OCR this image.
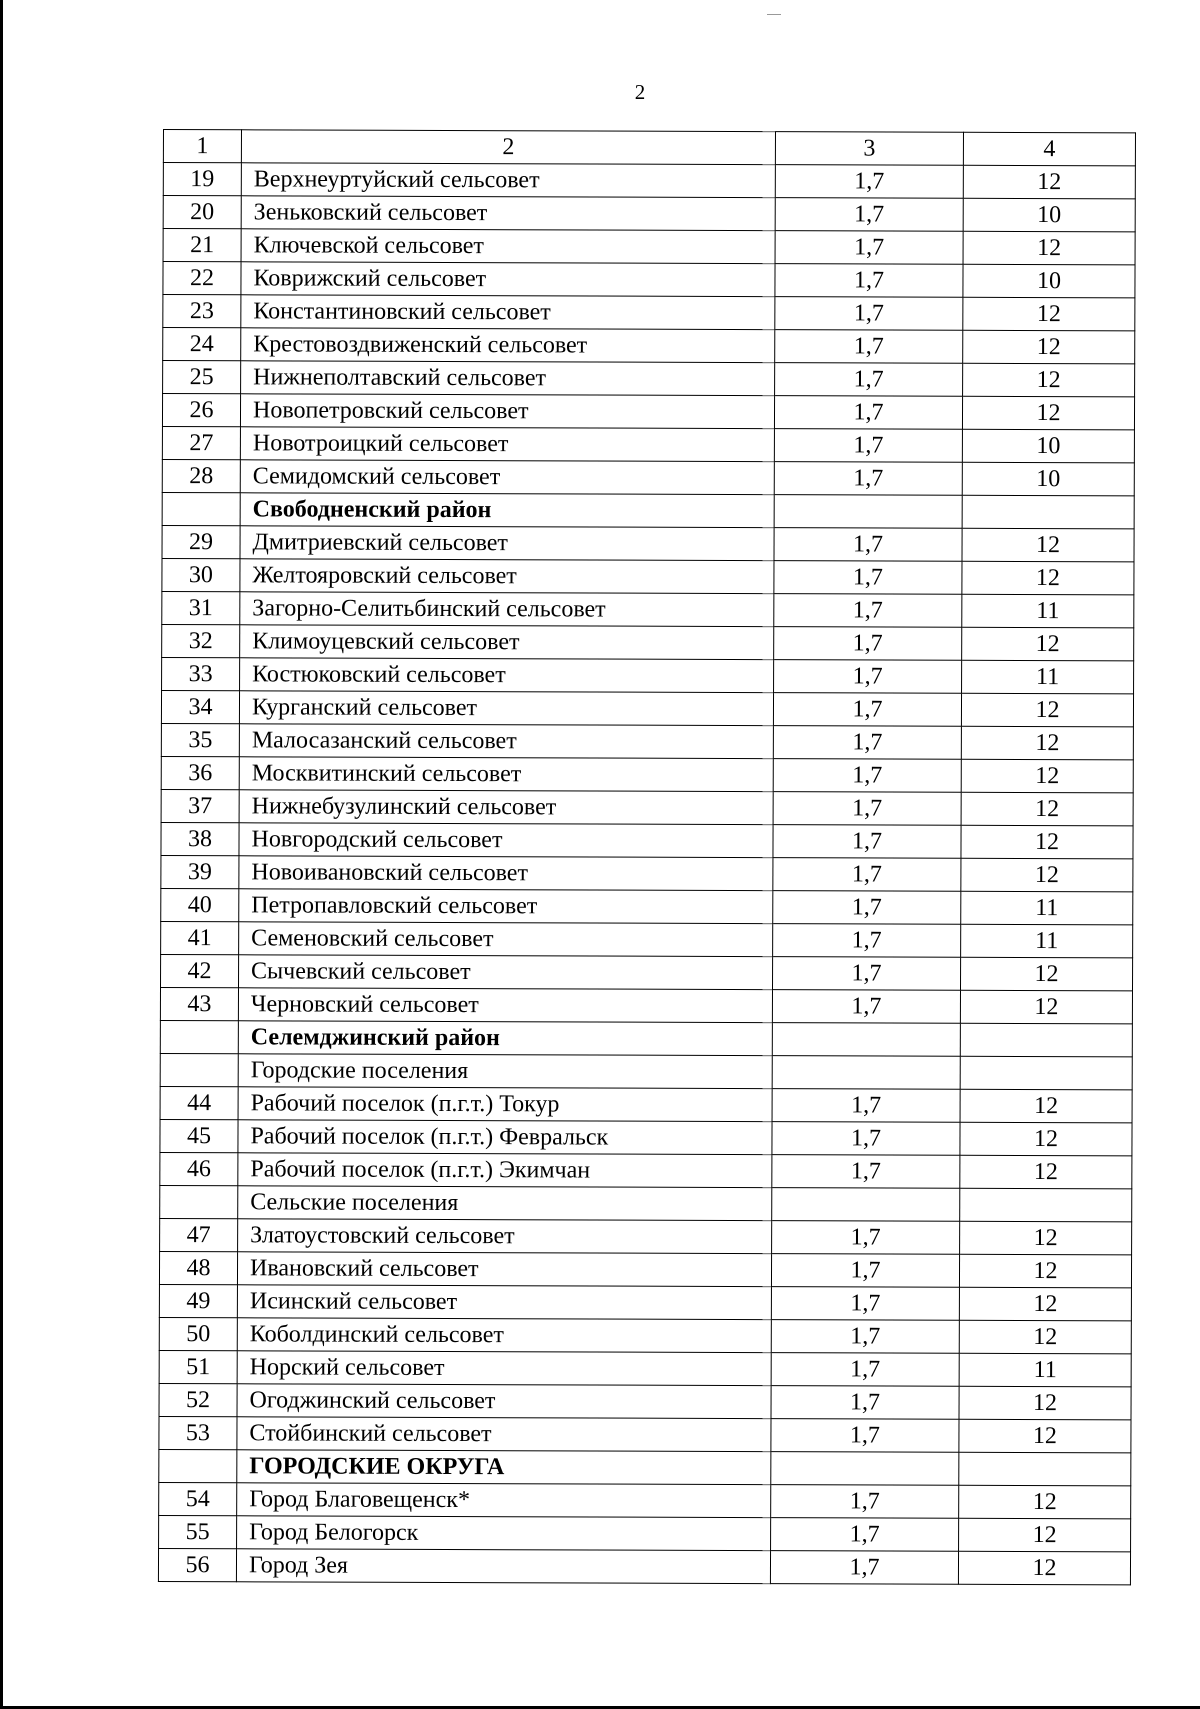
2
1	2	3	4
19	Верхнеуртуйский сельсовет	1,7	12
20	Зеньковский сельсовет	1,7	10
21	Ключевской сельсовет	1,7	12
22	Коврижский сельсовет	1,7	10
23	Константиновский сельсовет	1,7	12
24	Крестовоздвиженский сельсовет	1,7	12
25	Нижнеполтавский сельсовет	1,7	12
26	Новопетровский сельсовет	1,7	12
27	Новотроицкий сельсовет	1,7	10
28	Семидомский сельсовет	1,7	10
	Свободненский район		
29	Дмитриевский сельсовет	1,7	12
30	Желтояровский сельсовет	1,7	12
31	Загорно-Селитьбинский сельсовет	1,7	11
32	Климоуцевский сельсовет	1,7	12
33	Костюковский сельсовет	1,7	11
34	Курганский сельсовет	1,7	12
35	Малосазанский сельсовет	1,7	12
36	Москвитинский сельсовет	1,7	12
37	Нижнебузулинский сельсовет	1,7	12
38	Новгородский сельсовет	1,7	12
39	Новоивановский сельсовет	1,7	12
40	Петропавловский сельсовет	1,7	11
41	Семеновский сельсовет	1,7	11
42	Сычевский сельсовет	1,7	12
43	Черновский сельсовет	1,7	12
	Селемджинский район		
	Городские поселения		
44	Рабочий поселок (п.г.т.) Токур	1,7	12
45	Рабочий поселок (п.г.т.) Февральск	1,7	12
46	Рабочий поселок (п.г.т.) Экимчан	1,7	12
	Сельские поселения		
47	Златоустовский сельсовет	1,7	12
48	Ивановский сельсовет	1,7	12
49	Исинский сельсовет	1,7	12
50	Коболдинский сельсовет	1,7	12
51	Норский сельсовет	1,7	11
52	Огоджинский сельсовет	1,7	12
53	Стойбинский сельсовет	1,7	12
	ГОРОДСКИЕ ОКРУГА		
54	Город Благовещенск*	1,7	12
55	Город Белогорск	1,7	12
56	Город Зея	1,7	12
